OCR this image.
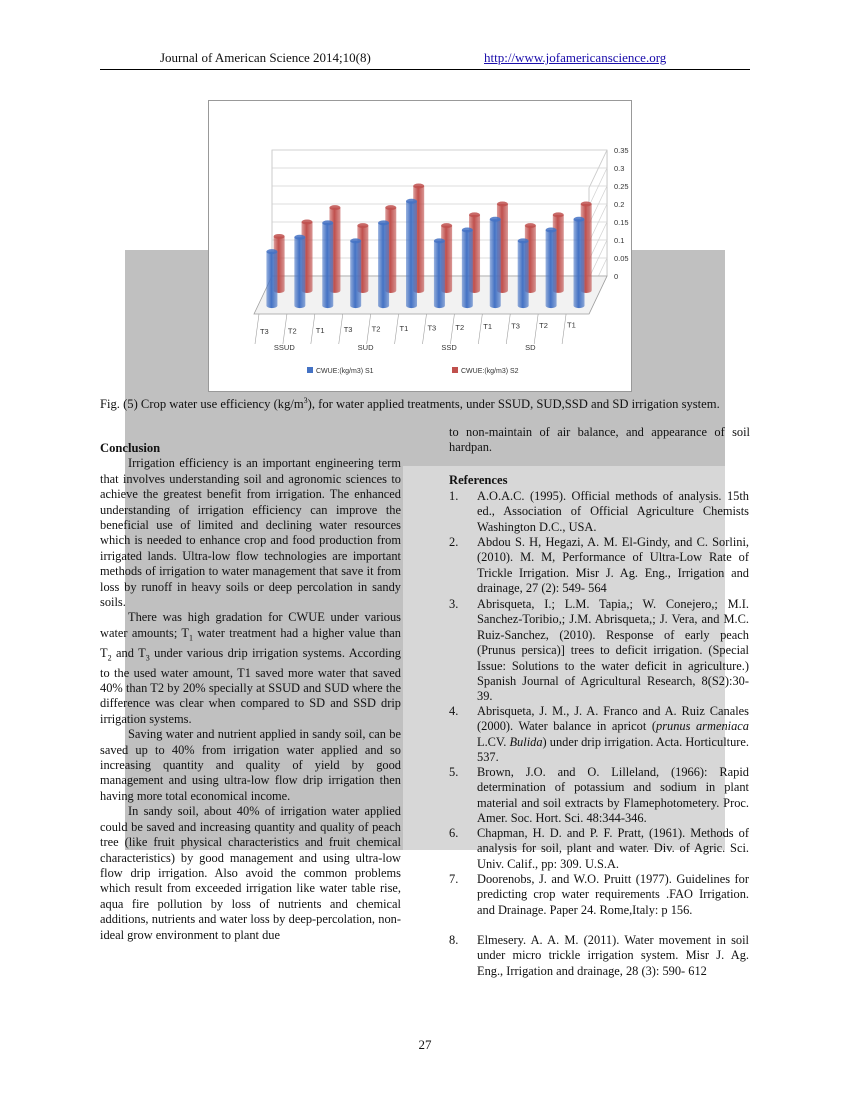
Journal of American Science 2014;10(8)	http://www.jofamericanscience.org
0
0.05
0.1
0.15
0.2
0.25
0.3
0.35
T3	T2	T1	T3	T2	T1	T3	T2	T1	T3	T2	T1
SSUD	SUD	SSD	SD
CWUE:(kg/m3) S1	CWUE:(kg/m3) S2
Fig. (5) Crop water use efficiency $(kg/m^3)$, for water applied treatments, under SSUD, SUD,SSD and SD irrigation system.
Conclusion

Irrigation efficiency is an important engineering term that involves understanding soil and agronomic sciences to achieve the greatest benefit from irrigation. The enhanced understanding of irrigation efficiency can improve the beneficial use of limited and declining water resources which is needed to enhance crop and food production from irrigated lands. Ultra-low flow technologies are important methods of irrigation to water management that save it from loss by runoff in heavy soils or deep percolation in sandy soils.

There was high gradation for CWUE under various water amounts; $T_1$ water treatment had a higher value than $T_2$ and $T_3$ under various drip irrigation systems. According to the used water amount, T1 saved more water that saved 40% than T2 by 20% specially at SSUD and SUD where the difference was clear when compared to SD and SSD drip irrigation systems.

Saving water and nutrient applied in sandy soil, can be saved up to 40% from irrigation water applied and so increasing quantity and quality of yield by good management and using ultra-low flow drip irrigation then having more total economical income.

In sandy soil, about 40% of irrigation water applied could be saved and increasing quantity and quality of peach tree (like fruit physical characteristics and fruit chemical characteristics) by good management and using ultra-low flow drip irrigation. Also avoid the common problems which result from exceeded irrigation like water table rise, aqua fire pollution by loss of nutrients and chemical additions, nutrients and water loss by deep-percolation, non-ideal grow environment to plant due

to non-maintain of air balance, and appearance of soil hardpan.
References
1.	A.O.A.C. (1995). Official methods of analysis. 15th ed., Association of Official Agriculture Chemists Washington D.C., USA.
2.	Abdou S. H, Hegazi, A. M. El-Gindy, and C. Sorlini, (2010). M. M, Performance of Ultra-Low Rate of Trickle Irrigation. Misr J. Ag. Eng., Irrigation and drainage, 27 (2): 549- 564
3.	Abrisqueta, I.; L.M. Tapia,; W. Conejero,; M.I. Sanchez-Toribio,; J.M. Abrisqueta,; J. Vera, and M.C. Ruiz-Sanchez, (2010). Response of early peach (Prunus persica)] trees to deficit irrigation. (Special Issue: Solutions to the water deficit in agriculture.) Spanish Journal of Agricultural Research, 8(S2):30-39.
4.	Abrisqueta, J. M., J. A. Franco and A. Ruiz Canales (2000). Water balance in apricot (prunus armeniaca L.CV. Bulida) under drip irrigation. Acta. Horticulture. 537.
5.	Brown, J.O. and O. Lilleland, (1966): Rapid determination of potassium and sodium in plant material and soil extracts by Flamephotometery. Proc. Amer. Soc. Hort. Sci. 48:344-346.
6.	Chapman, H. D. and P. F. Pratt, (1961). Methods of analysis for soil, plant and water. Div. of Agric. Sci. Univ. Calif., pp: 309. U.S.A.
7.	Doorenobs, J. and W.O. Pruitt (1977). Guidelines for predicting crop water requirements .FAO Irrigation. and Drainage. Paper 24. Rome,Italy: p 156.
8.	Elmesery. A. A. M. (2011). Water movement in soil under micro trickle irrigation system. Misr J. Ag. Eng., Irrigation and drainage, 28 (3): 590- 612
27
